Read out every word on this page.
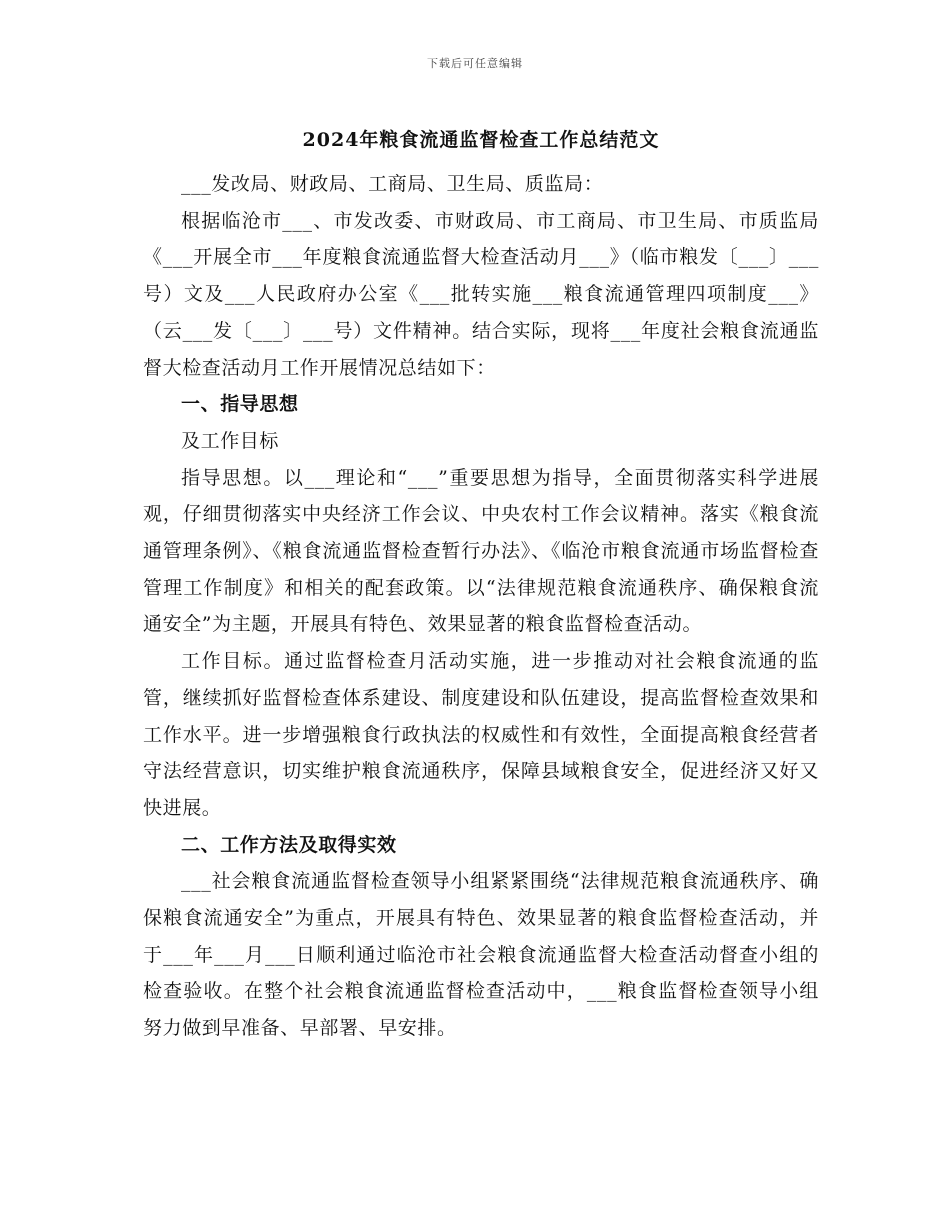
下载后可任意编辑
2024年粮食流通监督检查工作总结范文

___发改局、财政局、工商局、卫生局、质监局：

根据临沧市___、市发改委、市财政局、市工商局、市卫生局、市质监局《___开展全市___年度粮食流通监督大检查活动月___》（临市粮发〔___〕___号）文及___人民政府办公室《___批转实施___粮食流通管理四项制度___》（云___发〔___〕___号）文件精神。结合实际，现将___年度社会粮食流通监督大检查活动月工作开展情况总结如下：

一、指导思想

及工作目标

指导思想。以___理论和“___”重要思想为指导，全面贯彻落实科学进展观，仔细贯彻落实中央经济工作会议、中央农村工作会议精神。落实《粮食流通管理条例》、《粮食流通监督检查暂行办法》、《临沧市粮食流通市场监督检查管理工作制度》和相关的配套政策。以“法律规范粮食流通秩序、确保粮食流通安全”为主题，开展具有特色、效果显著的粮食监督检查活动。

工作目标。通过监督检查月活动实施，进一步推动对社会粮食流通的监管，继续抓好监督检查体系建设、制度建设和队伍建设，提高监督检查效果和工作水平。进一步增强粮食行政执法的权威性和有效性，全面提高粮食经营者守法经营意识，切实维护粮食流通秩序，保障县域粮食安全，促进经济又好又快进展。

二、工作方法及取得实效

___社会粮食流通监督检查领导小组紧紧围绕“法律规范粮食流通秩序、确保粮食流通安全”为重点，开展具有特色、效果显著的粮食监督检查活动，并于___年___月___日顺利通过临沧市社会粮食流通监督大检查活动督查小组的检查验收。在整个社会粮食流通监督检查活动中，___粮食监督检查领导小组努力做到早准备、早部署、早安排。
